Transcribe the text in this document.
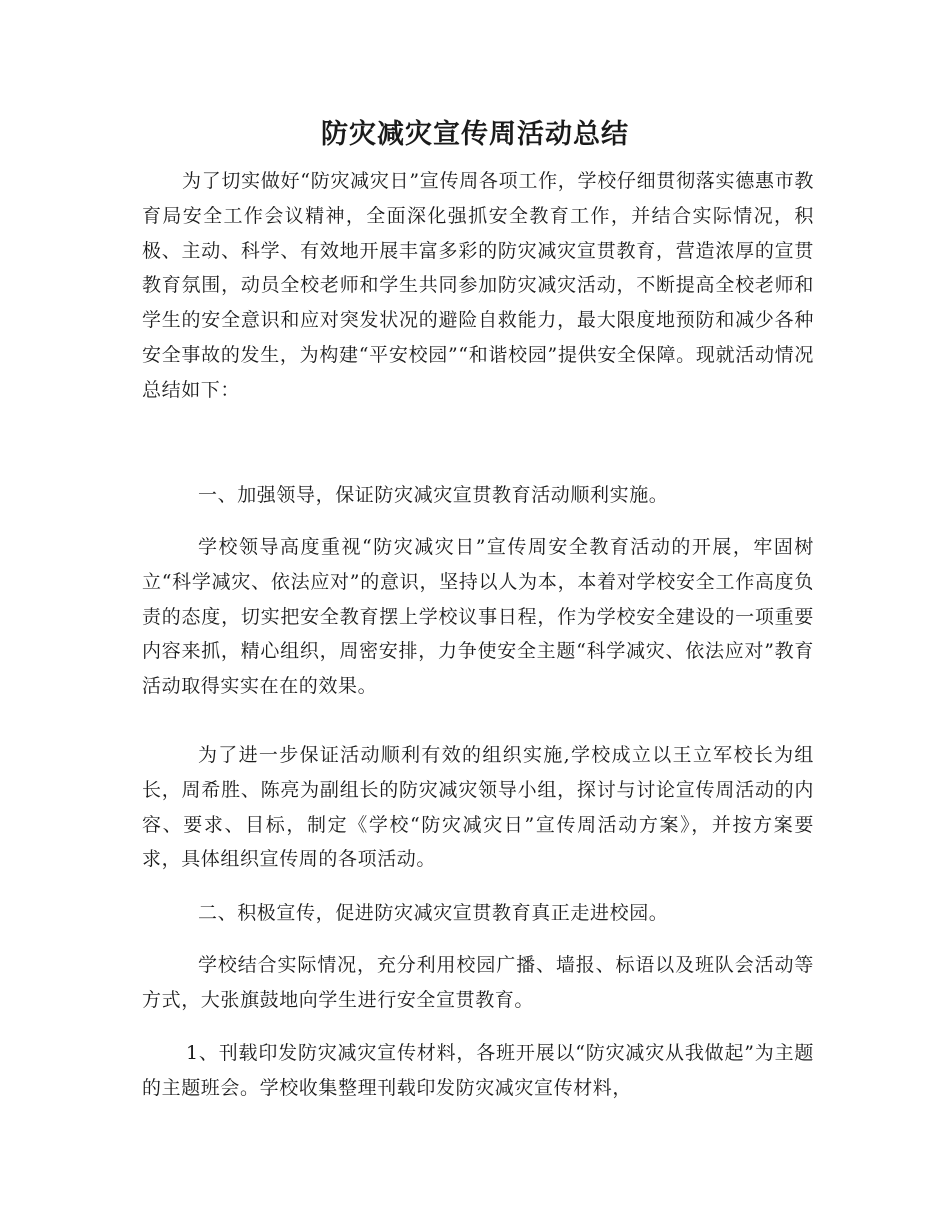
防灾减灾宣传周活动总结

为了切实做好“防灾减灾日”宣传周各项工作，学校仔细贯彻落实德惠市教育局安全工作会议精神，全面深化强抓安全教育工作，并结合实际情况，积极、主动、科学、有效地开展丰富多彩的防灾减灾宣贯教育，营造浓厚的宣贯教育氛围，动员全校老师和学生共同参加防灾减灾活动，不断提高全校老师和学生的安全意识和应对突发状况的避险自救能力，最大限度地预防和减少各种安全事故的发生，为构建“平安校园”“和谐校园”提供安全保障。现就活动情况总结如下：

一、加强领导，保证防灾减灾宣贯教育活动顺利实施。

学校领导高度重视“防灾减灾日”宣传周安全教育活动的开展，牢固树立“科学减灾、依法应对”的意识，坚持以人为本，本着对学校安全工作高度负责的态度，切实把安全教育摆上学校议事日程，作为学校安全建设的一项重要内容来抓，精心组织，周密安排，力争使安全主题“科学减灾、依法应对”教育活动取得实实在在的效果。

为了进一步保证活动顺利有效的组织实施,学校成立以王立军校长为组长，周希胜、陈亮为副组长的防灾减灾领导小组，探讨与讨论宣传周活动的内容、要求、目标，制定《学校“防灾减灾日”宣传周活动方案》，并按方案要求，具体组织宣传周的各项活动。

二、积极宣传，促进防灾减灾宣贯教育真正走进校园。

学校结合实际情况，充分利用校园广播、墙报、标语以及班队会活动等方式，大张旗鼓地向学生进行安全宣贯教育。

1、刊载印发防灾减灾宣传材料，各班开展以“防灾减灾从我做起”为主题的主题班会。学校收集整理刊载印发防灾减灾宣传材料，
